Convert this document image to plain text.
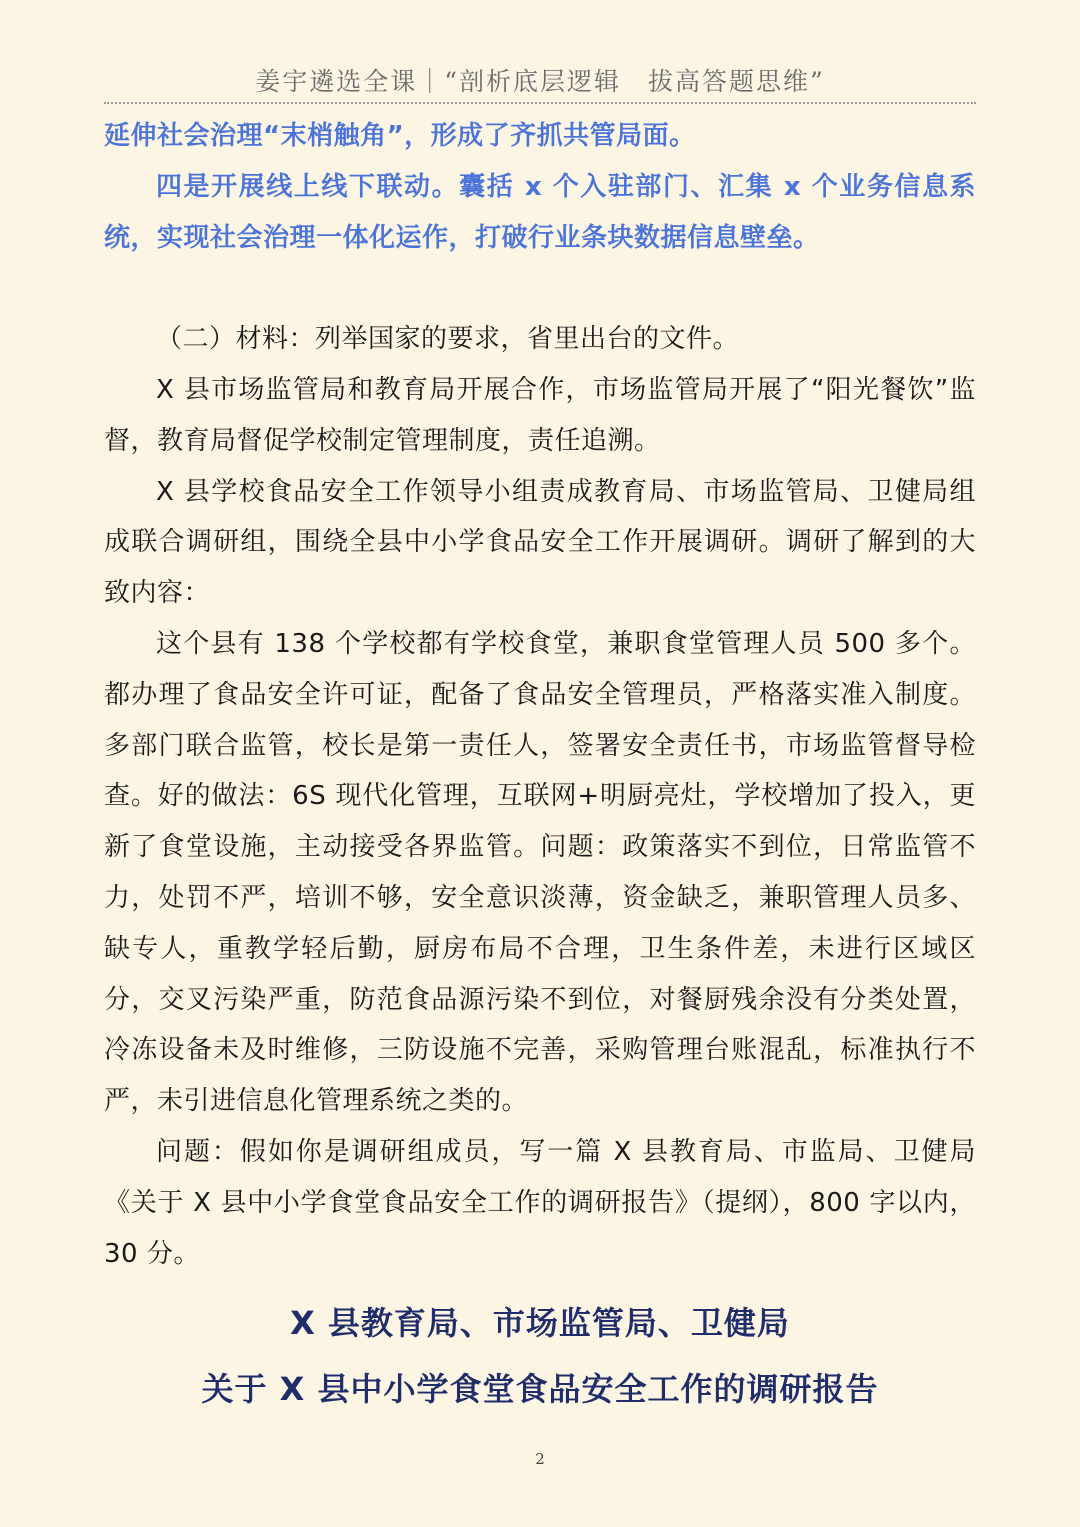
姜宇遴选全课｜“剖析底层逻辑　拔高答题思维”

延伸社会治理“末梢触角”，形成了齐抓共管局面。

四是开展线上线下联动。囊括 x 个入驻部门、汇集 x 个业务信息系统，实现社会治理一体化运作，打破行业条块数据信息壁垒。

（二）材料：列举国家的要求，省里出台的文件。

X 县市场监管局和教育局开展合作，市场监管局开展了“阳光餐饮”监督，教育局督促学校制定管理制度，责任追溯。

X 县学校食品安全工作领导小组责成教育局、市场监管局、卫健局组成联合调研组，围绕全县中小学食品安全工作开展调研。调研了解到的大致内容：

这个县有 138 个学校都有学校食堂，兼职食堂管理人员 500 多个。都办理了食品安全许可证，配备了食品安全管理员，严格落实准入制度。多部门联合监管，校长是第一责任人，签署安全责任书，市场监管督导检查。好的做法：6S 现代化管理，互联网+明厨亮灶，学校增加了投入，更新了食堂设施，主动接受各界监管。问题：政策落实不到位，日常监管不力，处罚不严，培训不够，安全意识淡薄，资金缺乏，兼职管理人员多、缺专人，重教学轻后勤，厨房布局不合理，卫生条件差，未进行区域区分，交叉污染严重，防范食品源污染不到位，对餐厨残余没有分类处置，冷冻设备未及时维修，三防设施不完善，采购管理台账混乱，标准执行不严，未引进信息化管理系统之类的。

问题：假如你是调研组成员，写一篇 X 县教育局、市监局、卫健局《关于 X 县中小学食堂食品安全工作的调研报告》（提纲），800 字以内，30 分。

X 县教育局、市场监管局、卫健局
关于 X 县中小学食堂食品安全工作的调研报告
2
